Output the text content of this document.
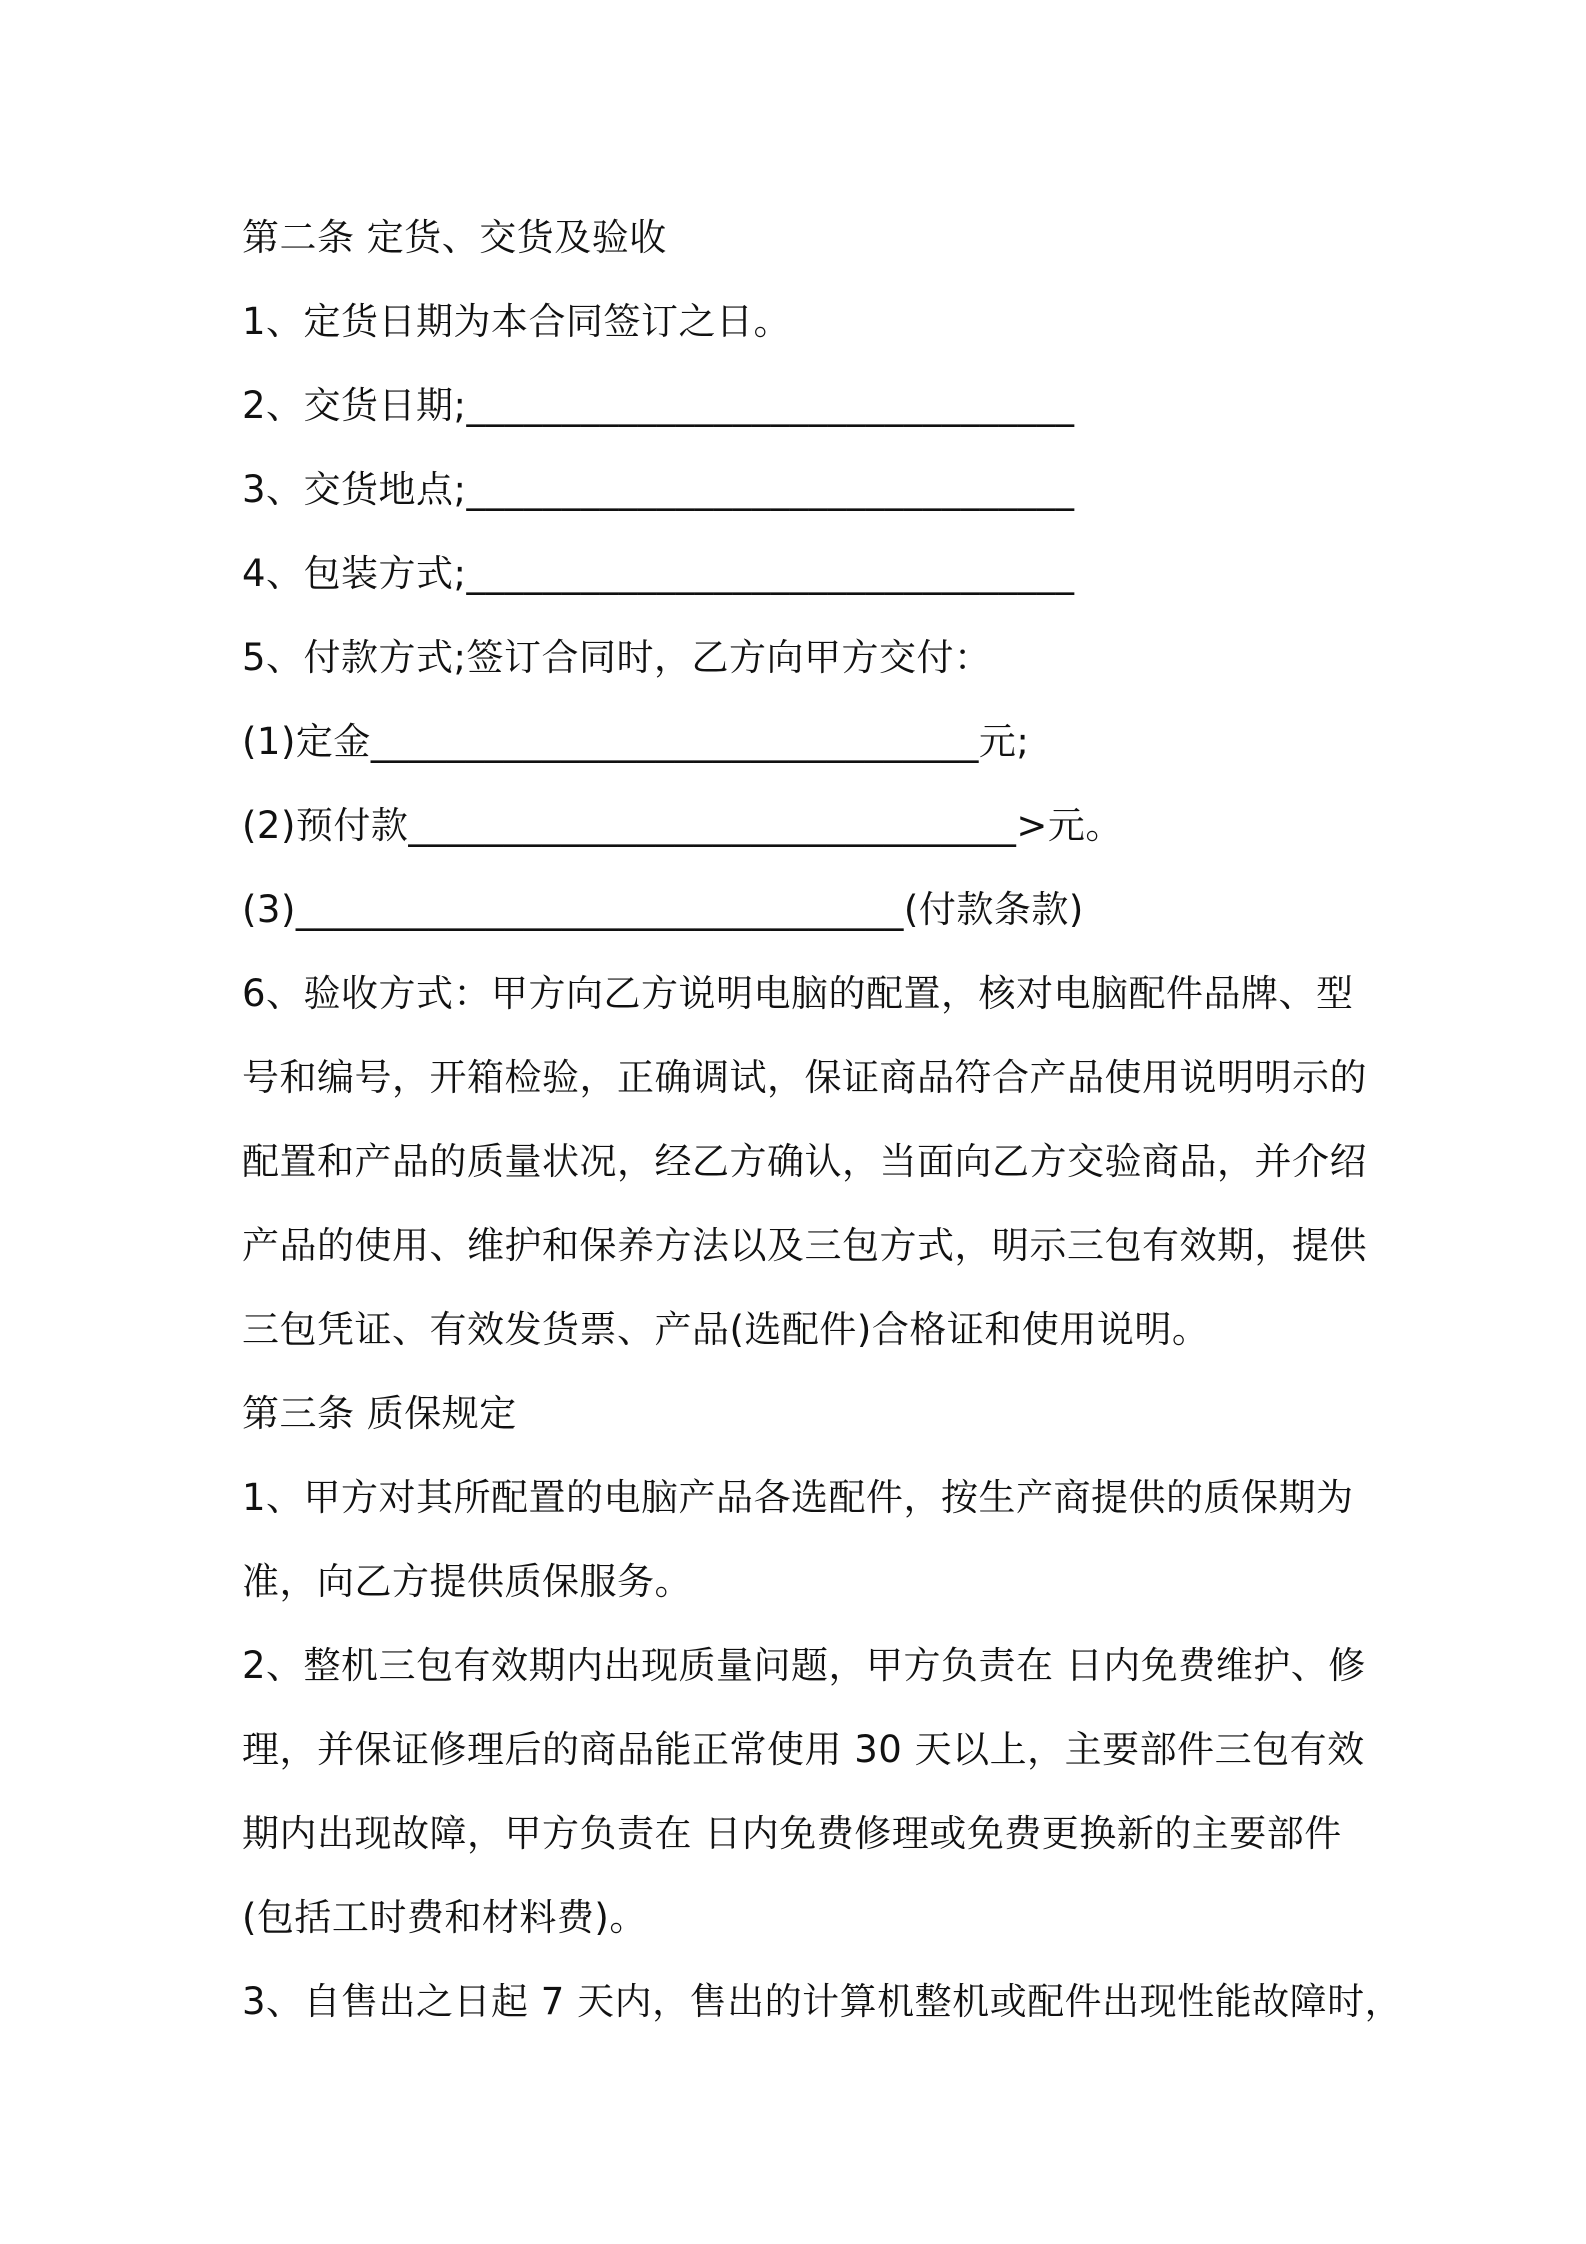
第二条 定货、交货及验收
1、定货日期为本合同签订之日。
2、交货日期;________________________________
3、交货地点;________________________________
4、包装方式;________________________________
5、付款方式;签订合同时，乙方向甲方交付：
(1)定金________________________________元;
(2)预付款________________________________>元。
(3)________________________________(付款条款)
6、验收方式：甲方向乙方说明电脑的配置，核对电脑配件品牌、型
号和编号，开箱检验，正确调试，保证商品符合产品使用说明明示的
配置和产品的质量状况，经乙方确认，当面向乙方交验商品，并介绍
产品的使用、维护和保养方法以及三包方式，明示三包有效期，提供
三包凭证、有效发货票、产品(选配件)合格证和使用说明。
第三条 质保规定
1、甲方对其所配置的电脑产品各选配件，按生产商提供的质保期为
准，向乙方提供质保服务。
2、整机三包有效期内出现质量问题，甲方负责在 日内免费维护、修
理，并保证修理后的商品能正常使用 30 天以上，主要部件三包有效
期内出现故障，甲方负责在 日内免费修理或免费更换新的主要部件
(包括工时费和材料费)。
3、自售出之日起 7 天内，售出的计算机整机或配件出现性能故障时，
